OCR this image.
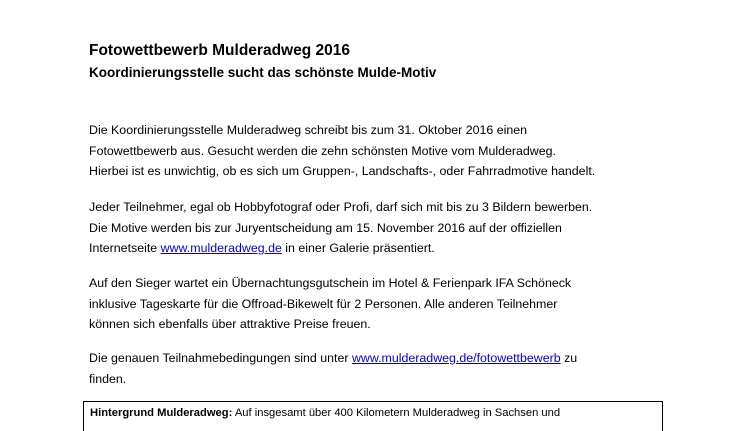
Fotowettbewerb Mulderadweg 2016
Koordinierungsstelle sucht das schönste Mulde-Motiv
Die Koordinierungsstelle Mulderadweg schreibt bis zum 31. Oktober 2016 einen
Fotowettbewerb aus. Gesucht werden die zehn schönsten Motive vom Mulderadweg.
Hierbei ist es unwichtig, ob es sich um Gruppen-, Landschafts-, oder Fahrradmotive handelt.
Jeder Teilnehmer, egal ob Hobbyfotograf oder Profi, darf sich mit bis zu 3 Bildern bewerben.
Die Motive werden bis zur Juryentscheidung am 15. November 2016 auf der offiziellen
Internetseite www.mulderadweg.de in einer Galerie präsentiert.
Auf den Sieger wartet ein Übernachtungsgutschein im Hotel & Ferienpark IFA Schöneck
inklusive Tageskarte für die Offroad-Bikewelt für 2 Personen. Alle anderen Teilnehmer
können sich ebenfalls über attraktive Preise freuen.
Die genauen Teilnahmebedingungen sind unter www.mulderadweg.de/fotowettbewerb zu
finden.
Hintergrund Mulderadweg: Auf insgesamt über 400 Kilometern Mulderadweg in Sachsen und
